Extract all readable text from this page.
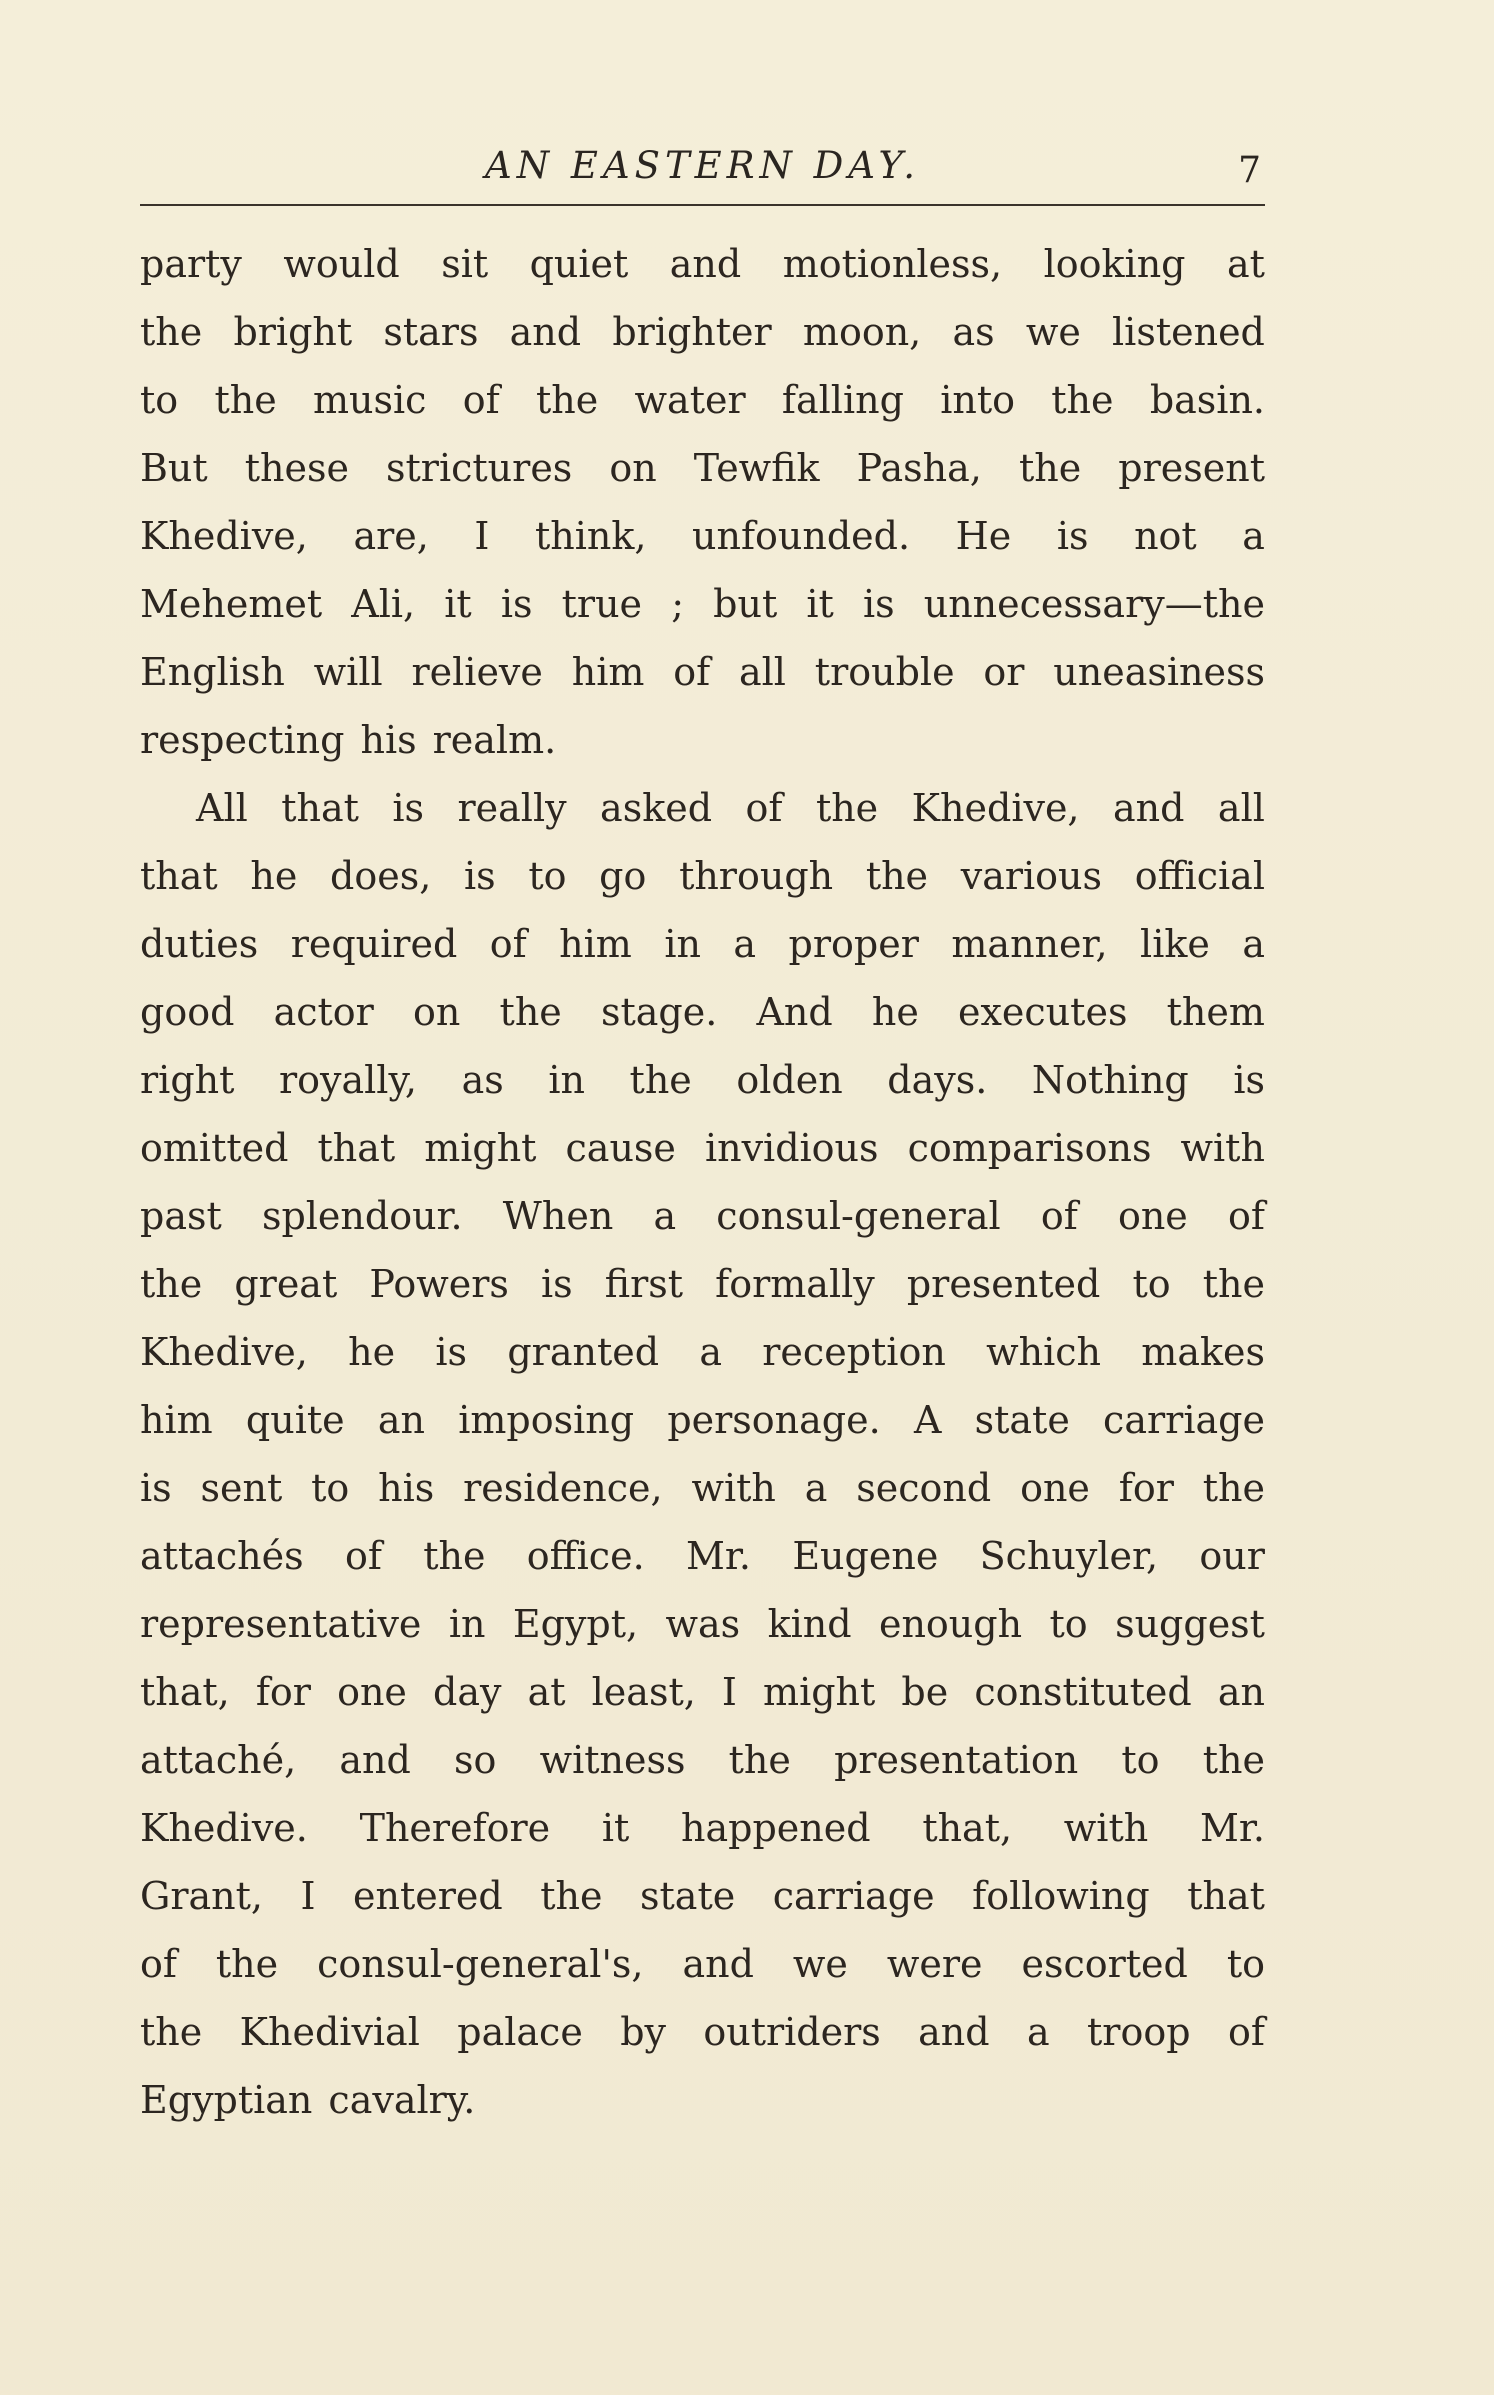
AN EASTERN DAY.	7
party would sit quiet and motionless, looking at
the bright stars and brighter moon, as we listened
to the music of the water falling into the basin.
But these strictures on Tewfik Pasha, the present
Khedive, are, I think, unfounded. He is not a
Mehemet Ali, it is true ; but it is unnecessary—the
English will relieve him of all trouble or uneasiness
respecting his realm.
All that is really asked of the Khedive, and all
that he does, is to go through the various official
duties required of him in a proper manner, like a
good actor on the stage. And he executes them
right royally, as in the olden days. Nothing is
omitted that might cause invidious comparisons with
past splendour. When a consul-general of one of
the great Powers is first formally presented to the
Khedive, he is granted a reception which makes
him quite an imposing personage. A state carriage
is sent to his residence, with a second one for the
attachés of the office. Mr. Eugene Schuyler, our
representative in Egypt, was kind enough to suggest
that, for one day at least, I might be constituted an
attaché, and so witness the presentation to the
Khedive. Therefore it happened that, with Mr.
Grant, I entered the state carriage following that
of the consul-general's, and we were escorted to
the Khedivial palace by outriders and a troop of
Egyptian cavalry.
